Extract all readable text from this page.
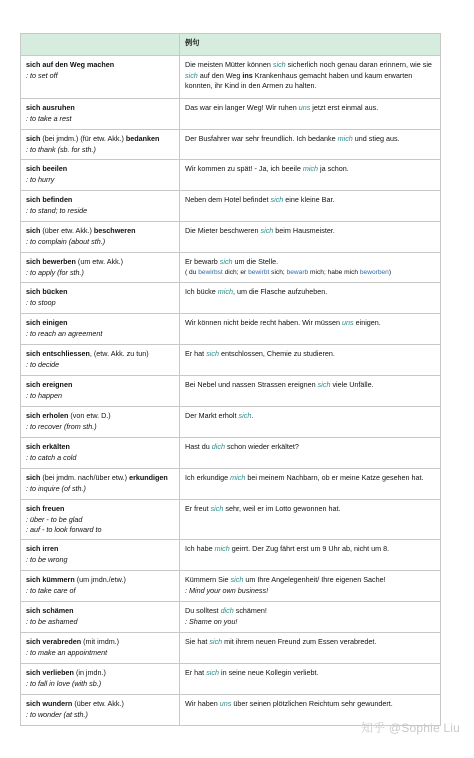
	例句

sich auf den Weg machen
: to set off	Die meisten Mütter können sich sicherlich noch genau daran erinnern, wie sie sich auf den Weg ins Krankenhaus gemacht haben und kaum erwarten konnten, ihr Kind in den Armen zu halten.

sich ausruhen
: to take a rest	Das war ein langer Weg! Wir ruhen uns jetzt erst einmal aus.

sich (bei jmdm.) (für etw. Akk.) bedanken
: to thank (sb. for sth.)	Der Busfahrer war sehr freundlich. Ich bedanke mich und stieg aus.

sich beeilen
: to hurry	Wir kommen zu spät! - Ja, ich beeile mich ja schon.

sich befinden
: to stand; to reside	Neben dem Hotel befindet sich eine kleine Bar.

sich (über etw. Akk.) beschweren
: to complain (about sth.)	Die Mieter beschweren sich beim Hausmeister.

sich bewerben (um etw. Akk.)
: to apply (for sth.)	Er bewarb sich um die Stelle.
( du bewirbst dich; er bewirbt sich; bewarb mich; habe mich beworben)

sich bücken
: to stoop	Ich bücke mich, um die Flasche aufzuheben.

sich einigen
: to reach an agreement	Wir können nicht beide recht haben. Wir müssen uns einigen.

sich entschliessen, (etw. Akk. zu tun)
: to decide	Er hat sich entschlossen, Chemie zu studieren.

sich ereignen
: to happen	Bei Nebel und nassen Strassen ereignen sich viele Unfälle.

sich erholen (von etw. D.)
: to recover (from sth.)	Der Markt erholt sich.

sich erkälten
: to catch a cold	Hast du dich schon wieder erkältet?

sich (bei jmdm. nach/über etw.) erkundigen
: to inquire (of sth.)	Ich erkundige mich bei meinem Nachbarn, ob er meine Katze gesehen hat.

sich freuen
: über - to be glad
: auf - to look forward to	Er freut sich sehr, weil er im Lotto gewonnen hat.

sich irren
: to be wrong	Ich habe mich geirrt. Der Zug fährt erst um 9 Uhr ab, nicht um 8.

sich kümmern (um jmdn./etw.)
: to take care of	Kümmern Sie sich um Ihre Angelegenheit/ Ihre eigenen Sache!
: Mind your own business!

sich schämen
: to be ashamed	Du solltest dich schämen!
: Shame on you!

sich verabreden (mit imdm.)
: to make an appointment	Sie hat sich mit ihrem neuen Freund zum Essen verabredet.

sich verlieben (in jmdn.)
: to fall in love (with sb.)	Er hat sich in seine neue Kollegin verliebt.

sich wundern (über etw. Akk.)
: to wonder (at sth.)	Wir haben uns über seinen plötzlichen Reichtum sehr gewundert.
知乎 @Sophie Liu
